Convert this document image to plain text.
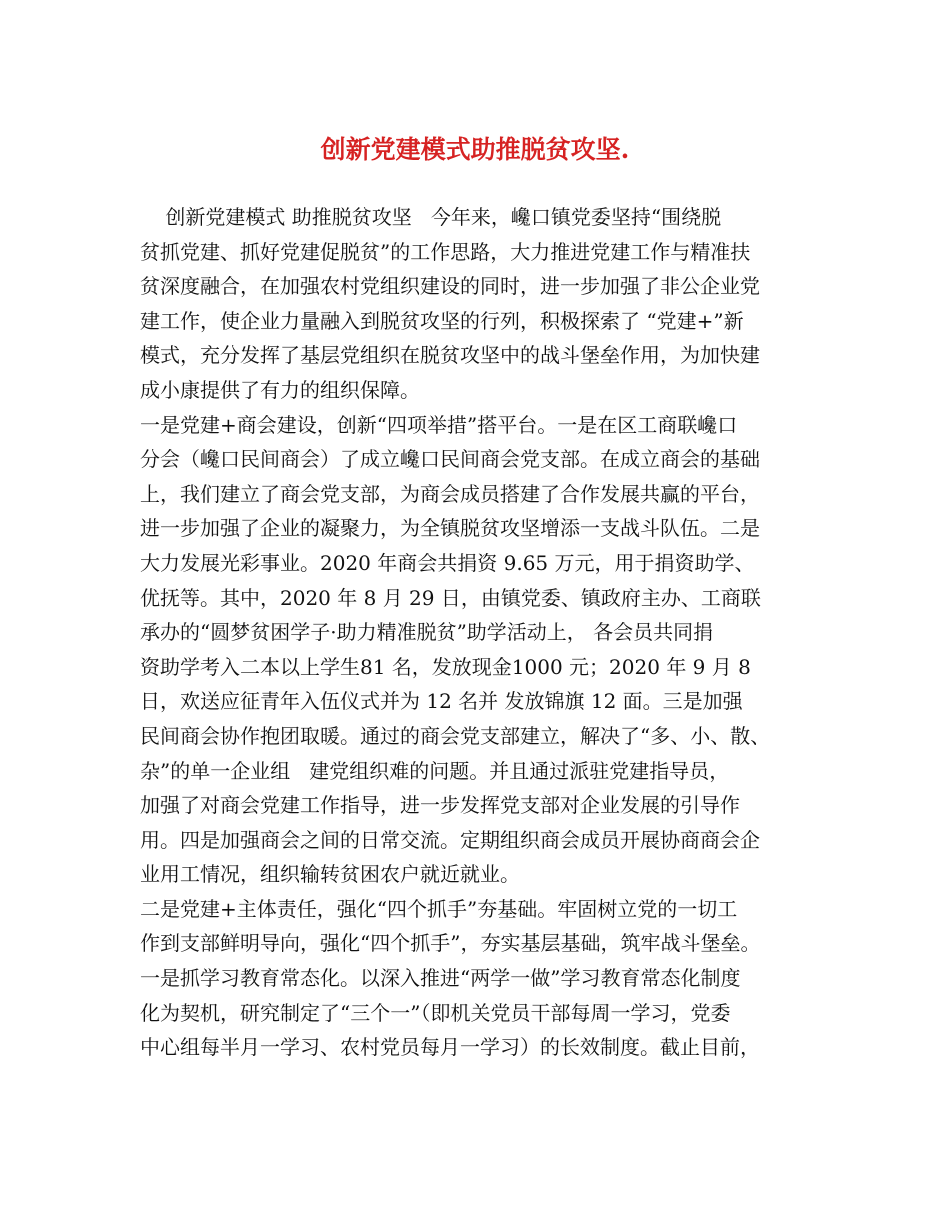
创新党建模式助推脱贫攻坚.
创新党建模式 助推脱贫攻坚   今年来，巉口镇党委坚持“围绕脱
贫抓党建、抓好党建促脱贫”的工作思路，大力推进党建工作与精准扶
贫深度融合，在加强农村党组织建设的同时，进一步加强了非公企业党
建工作，使企业力量融入到脱贫攻坚的行列，积极探索了 “党建+”新
模式，充分发挥了基层党组织在脱贫攻坚中的战斗堡垒作用，为加快建
成小康提供了有力的组织保障。
一是党建+商会建设，创新“四项举措”搭平台。一是在区工商联巉口
分会（巉口民间商会）了成立巉口民间商会党支部。在成立商会的基础
上，我们建立了商会党支部，为商会成员搭建了合作发展共赢的平台，
进一步加强了企业的凝聚力，为全镇脱贫攻坚增添一支战斗队伍。二是
大力发展光彩事业。2020 年商会共捐资 9.65 万元，用于捐资助学、
优抚等。其中，2020 年 8 月 29 日，由镇党委、镇政府主办、工商联
承办的“圆梦贫困学子·助力精准脱贫”助学活动上， 各会员共同捐
资助学考入二本以上学生81 名，发放现金1000 元；2020 年 9 月 8
日，欢送应征青年入伍仪式并为 12 名并 发放锦旗 12 面。三是加强
民间商会协作抱团取暖。通过的商会党支部建立，解决了“多、小、散、
杂”的单一企业组   建党组织难的问题。并且通过派驻党建指导员，
加强了对商会党建工作指导，进一步发挥党支部对企业发展的引导作
用。四是加强商会之间的日常交流。定期组织商会成员开展协商商会企
业用工情况，组织输转贫困农户就近就业。
二是党建+主体责任，强化“四个抓手”夯基础。牢固树立党的一切工
作到支部鲜明导向，强化“四个抓手”，夯实基层基础，筑牢战斗堡垒。
一是抓学习教育常态化。以深入推进“两学一做”学习教育常态化制度
化为契机，研究制定了“三个一”（即机关党员干部每周一学习，党委
中心组每半月一学习、农村党员每月一学习）的长效制度。截止目前，
